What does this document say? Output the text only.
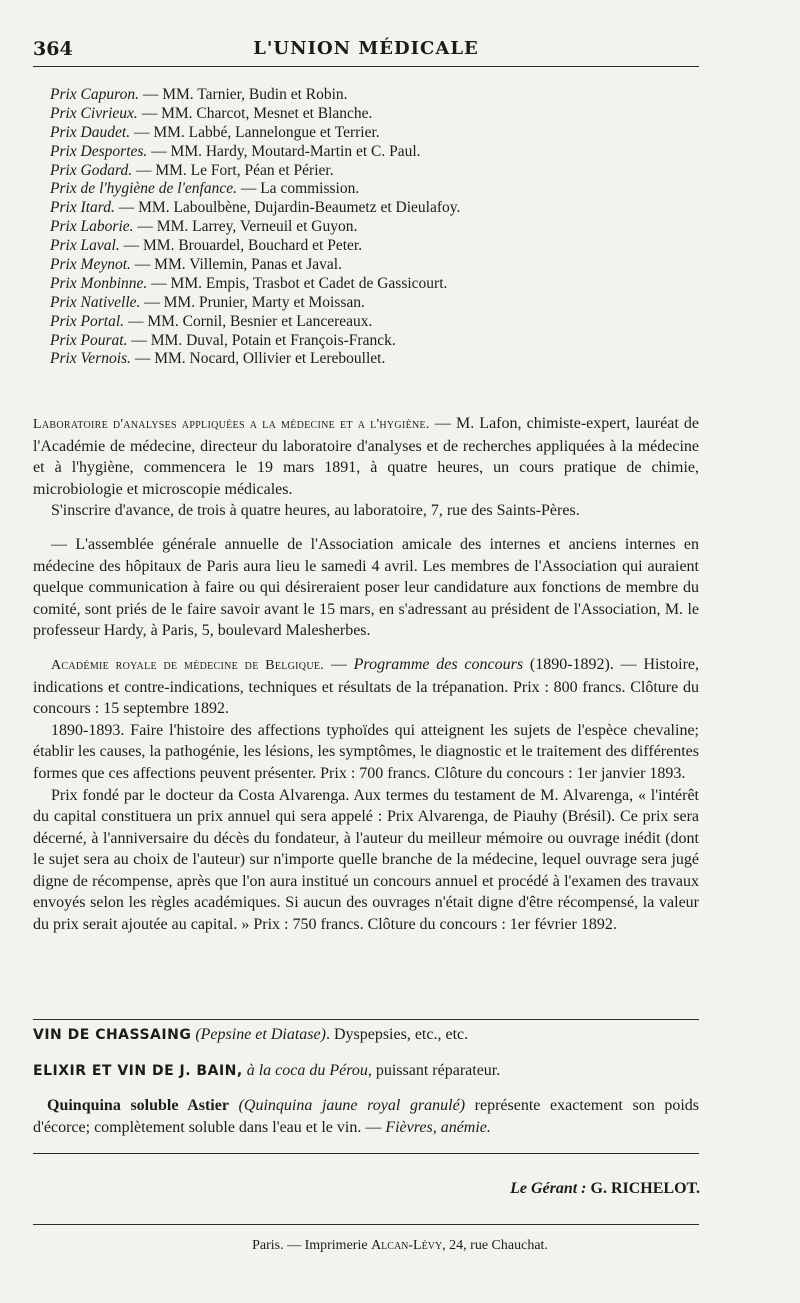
364	L'UNION MÉDICALE
Prix Capuron. — MM. Tarnier, Budin et Robin.
Prix Civrieux. — MM. Charcot, Mesnet et Blanche.
Prix Daudet. — MM. Labbé, Lannelongue et Terrier.
Prix Desportes. — MM. Hardy, Moutard-Martin et C. Paul.
Prix Godard. — MM. Le Fort, Péan et Périer.
Prix de l'hygiène de l'enfance. — La commission.
Prix Itard. — MM. Laboulbène, Dujardin-Beaumetz et Dieulafoy.
Prix Laborie. — MM. Larrey, Verneuil et Guyon.
Prix Laval. — MM. Brouardel, Bouchard et Peter.
Prix Meynot. — MM. Villemin, Panas et Javal.
Prix Monbinne. — MM. Empis, Trasbot et Cadet de Gassicourt.
Prix Nativelle. — MM. Prunier, Marty et Moissan.
Prix Portal. — MM. Cornil, Besnier et Lancereaux.
Prix Pourat. — MM. Duval, Potain et François-Franck.
Prix Vernois. — MM. Nocard, Ollivier et Lereboullet.

Laboratoire d'analyses appliquées a la médecine et a l'hygiène. — M. Lafon, chimiste-expert, lauréat de l'Académie de médecine, directeur du laboratoire d'analyses et de recherches appliquées à la médecine et à l'hygiène, commencera le 19 mars 1891, à quatre heures, un cours pratique de chimie, microbiologie et microscopie médicales.

S'inscrire d'avance, de trois à quatre heures, au laboratoire, 7, rue des Saints-Pères.

— L'assemblée générale annuelle de l'Association amicale des internes et anciens internes en médecine des hôpitaux de Paris aura lieu le samedi 4 avril. Les membres de l'Association qui auraient quelque communication à faire ou qui désireraient poser leur candidature aux fonctions de membre du comité, sont priés de le faire savoir avant le 15 mars, en s'adressant au président de l'Association, M. le professeur Hardy, à Paris, 5, boulevard Malesherbes.

Académie royale de médecine de Belgique. — Programme des concours (1890-1892). — Histoire, indications et contre-indications, techniques et résultats de la trépanation. Prix : 800 francs. Clôture du concours : 15 septembre 1892.

1890-1893. Faire l'histoire des affections typhoïdes qui atteignent les sujets de l'espèce chevaline; établir les causes, la pathogénie, les lésions, les symptômes, le diagnostic et le traitement des différentes formes que ces affections peuvent présenter. Prix : 700 francs. Clôture du concours : 1er janvier 1893.

Prix fondé par le docteur da Costa Alvarenga. Aux termes du testament de M. Alvarenga, « l'intérêt du capital constituera un prix annuel qui sera appelé : Prix Alvarenga, de Piauhy (Brésil). Ce prix sera décerné, à l'anniversaire du décès du fondateur, à l'auteur du meilleur mémoire ou ouvrage inédit (dont le sujet sera au choix de l'auteur) sur n'importe quelle branche de la médecine, lequel ouvrage sera jugé digne de récompense, après que l'on aura institué un concours annuel et procédé à l'examen des travaux envoyés selon les règles académiques. Si aucun des ouvrages n'était digne d'être récompensé, la valeur du prix serait ajoutée au capital. » Prix : 750 francs. Clôture du concours : 1er février 1892.

VIN DE CHASSAING (Pepsine et Diatase). Dyspepsies, etc., etc.

ELIXIR ET VIN DE J. BAIN, à la coca du Pérou, puissant réparateur.

Quinquina soluble Astier (Quinquina jaune royal granulé) représente exactement son poids d'écorce; complètement soluble dans l'eau et le vin. — Fièvres, anémie.

Le Gérant : G. RICHELOT.
Paris. — Imprimerie Alcan-Lévy, 24, rue Chauchat.
